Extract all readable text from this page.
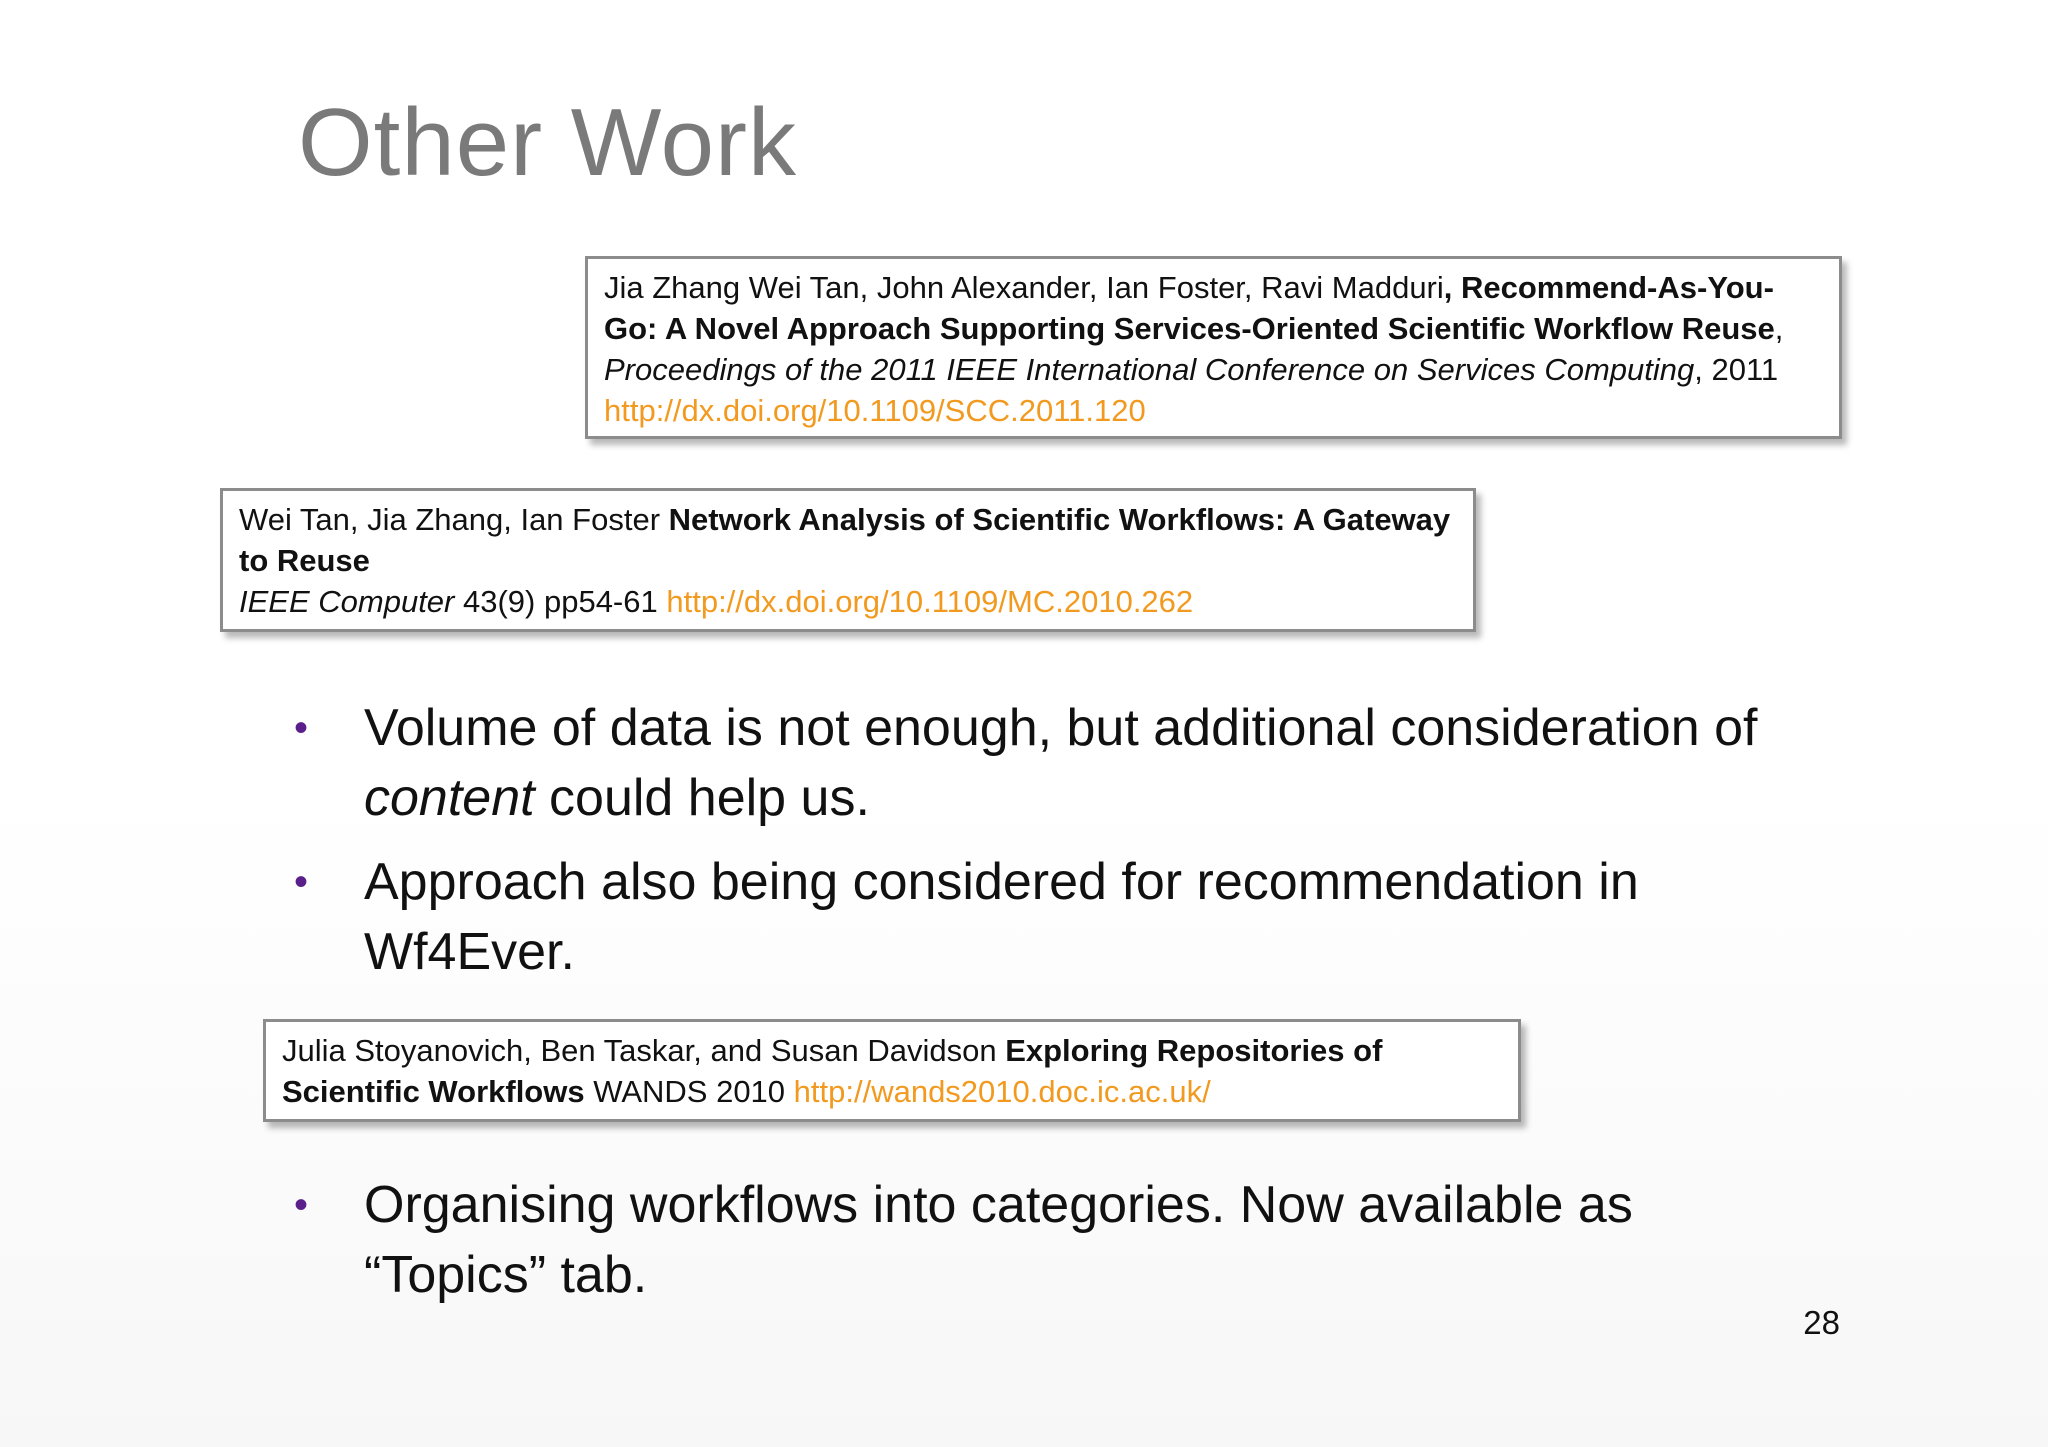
Other Work
Jia Zhang Wei Tan, John Alexander, Ian Foster, Ravi Madduri, Recommend-As-You-Go: A Novel Approach Supporting Services-Oriented Scientific Workflow Reuse, Proceedings of the 2011 IEEE International Conference on Services Computing, 2011 http://dx.doi.org/10.1109/SCC.2011.120
Wei Tan, Jia Zhang, Ian Foster Network Analysis of Scientific Workflows: A Gateway to Reuse
IEEE Computer 43(9) pp54-61 http://dx.doi.org/10.1109/MC.2010.262
• Volume of data is not enough, but additional consideration of content could help us.
• Approach also being considered for recommendation in Wf4Ever.
Julia Stoyanovich, Ben Taskar, and Susan Davidson Exploring Repositories of Scientific Workflows WANDS 2010 http://wands2010.doc.ic.ac.uk/
• Organising workflows into categories. Now available as “Topics” tab.
28
